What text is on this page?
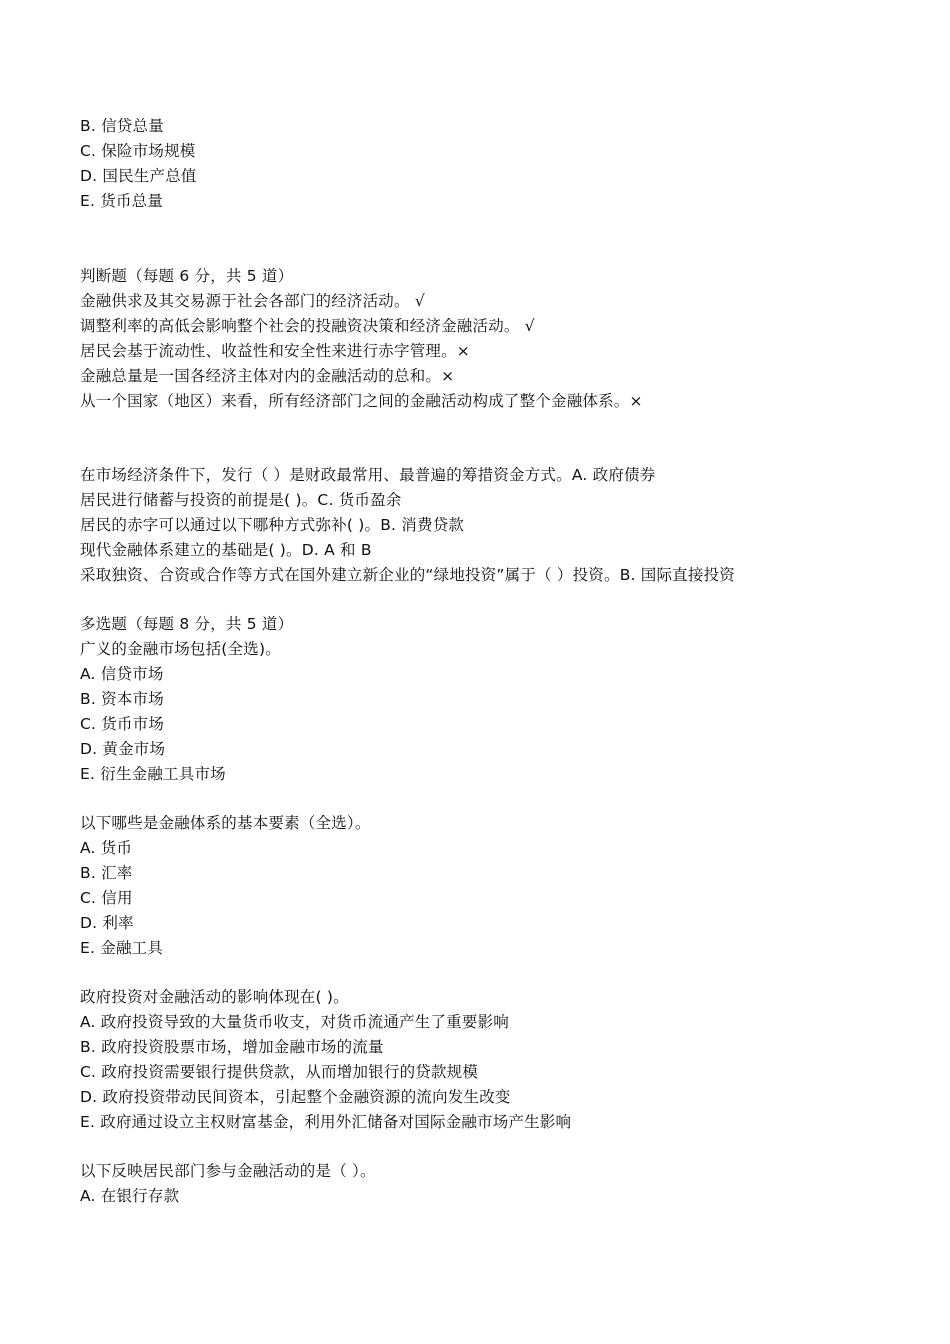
B. 信贷总量
C. 保险市场规模
D. 国民生产总值
E. 货币总量
判断题（每题 6 分，共 5 道）
金融供求及其交易源于社会各部门的经济活动。 √
调整利率的高低会影响整个社会的投融资决策和经济金融活动。 √
居民会基于流动性、收益性和安全性来进行赤字管理。×
金融总量是一国各经济主体对内的金融活动的总和。×
从一个国家（地区）来看，所有经济部门之间的金融活动构成了整个金融体系。×
在市场经济条件下，发行（ ）是财政最常用、最普遍的筹措资金方式。A. 政府债券
居民进行储蓄与投资的前提是( )。C. 货币盈余
居民的赤字可以通过以下哪种方式弥补( )。B. 消费贷款
现代金融体系建立的基础是( )。D. A 和 B
采取独资、合资或合作等方式在国外建立新企业的“绿地投资”属于（ ）投资。B. 国际直接投资
多选题（每题 8 分，共 5 道）
广义的金融市场包括(全选)。
A. 信贷市场
B. 资本市场
C. 货币市场
D. 黄金市场
E. 衍生金融工具市场
以下哪些是金融体系的基本要素（全选）。
A. 货币
B. 汇率
C. 信用
D. 利率
E. 金融工具
政府投资对金融活动的影响体现在( )。
A. 政府投资导致的大量货币收支，对货币流通产生了重要影响
B. 政府投资股票市场，增加金融市场的流量
C. 政府投资需要银行提供贷款，从而增加银行的贷款规模
D. 政府投资带动民间资本，引起整个金融资源的流向发生改变
E. 政府通过设立主权财富基金，利用外汇储备对国际金融市场产生影响
以下反映居民部门参与金融活动的是（ ）。
A. 在银行存款
